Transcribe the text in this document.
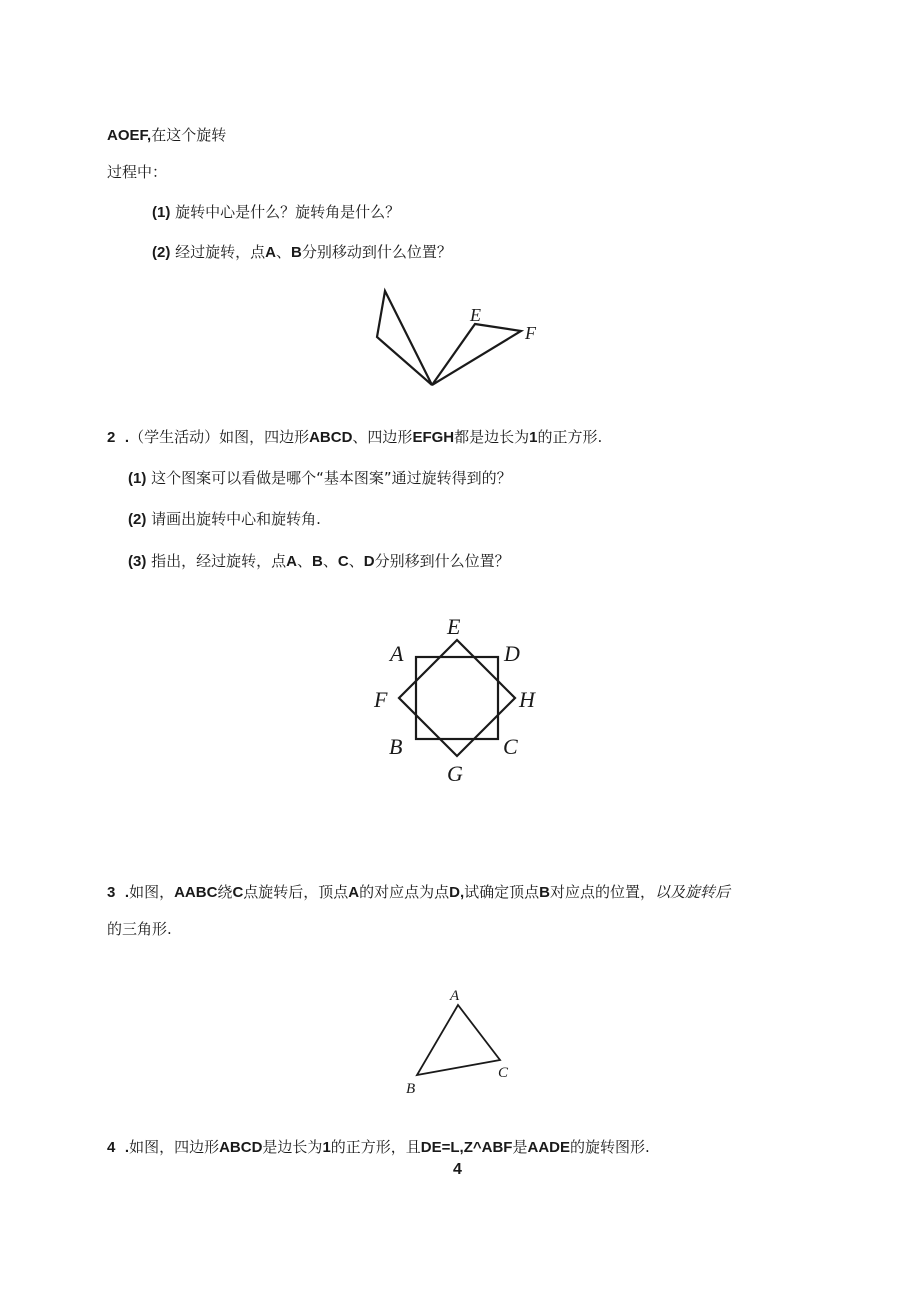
AOEF,在这个旋转
过程中：
(1) 旋转中心是什么？旋转角是什么？
(2) 经过旋转，点A、B分别移动到什么位置？
E
F
2 .（学生活动）如图，四边形ABCD、四边形EFGH都是边长为1的正方形.
(1) 这个图案可以看做是哪个“基本图案”通过旋转得到的？
(2) 请画出旋转中心和旋转角.
(3) 指出，经过旋转，点A、B、C、D分别移到什么位置？
E
A	D
F	H
B	C
G
3 .如图，AABC绕C点旋转后，顶点A的对应点为点D,试确定顶点B对应点的位置，以及旋转后
的三角形.
A
B
C
4 .如图，四边形ABCD是边长为1的正方形，且DE=L,Z^ABF是AADE的旋转图形.
4
